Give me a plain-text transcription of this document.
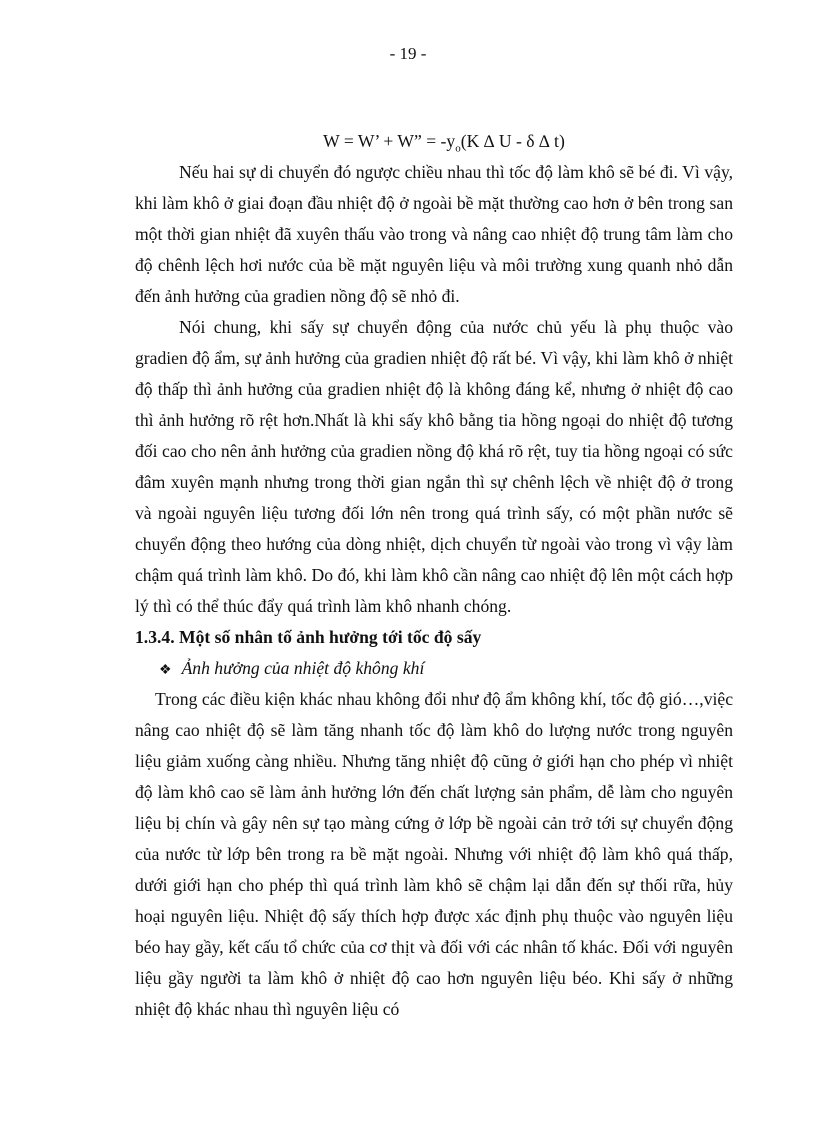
- 19 -

W = W’ + W” = $-y_o(K$ ∆ U - δ ∆ t)

Nếu hai sự di chuyển đó ngược chiều nhau thì tốc độ làm khô sẽ bé đi. Vì vậy, khi làm khô ở giai đoạn đầu nhiệt độ ở ngoài bề mặt thường cao hơn ở bên trong san một thời gian nhiệt đã xuyên thấu vào trong và nâng cao nhiệt độ trung tâm làm cho độ chênh lệch hơi nước của bề mặt nguyên liệu và môi trường xung quanh nhỏ dẫn đến ảnh hưởng của gradien nồng độ sẽ nhỏ đi.

Nói chung, khi sấy sự chuyển động của nước chủ yếu là phụ thuộc vào gradien độ ẩm, sự ảnh hưởng của gradien nhiệt độ rất bé. Vì vậy, khi làm khô ở nhiệt độ thấp thì ảnh hưởng của gradien nhiệt độ là không đáng kể, nhưng ở nhiệt độ cao thì ảnh hưởng rõ rệt hơn.Nhất là khi sấy khô bằng tia hồng ngoại do nhiệt độ tương đối cao cho nên ảnh hưởng của gradien nồng độ khá rõ rệt, tuy tia hồng ngoại có sức đâm xuyên mạnh nhưng trong thời gian ngắn thì sự chênh lệch về nhiệt độ ở trong và ngoài nguyên liệu tương đối lớn nên trong quá trình sấy, có một phần nước sẽ chuyển động theo hướng của dòng nhiệt, dịch chuyển từ ngoài vào trong vì vậy làm chậm quá trình làm khô. Do đó, khi làm khô cần nâng cao nhiệt độ lên một cách hợp lý thì có thể thúc đẩy quá trình làm khô nhanh chóng.

1.3.4. Một số nhân tố ảnh hưởng tới tốc độ sấy

❖ Ảnh hưởng của nhiệt độ không khí

Trong các điều kiện khác nhau không đổi như độ ẩm không khí, tốc độ gió…,việc nâng cao nhiệt độ sẽ làm tăng nhanh tốc độ làm khô do lượng nước trong nguyên liệu giảm xuống càng nhiều. Nhưng tăng nhiệt độ cũng ở giới hạn cho phép vì nhiệt độ làm khô cao sẽ làm ảnh hưởng lớn đến chất lượng sản phẩm, dễ làm cho nguyên liệu bị chín và gây nên sự tạo màng cứng ở lớp bề ngoài cản trở tới sự chuyển động của nước từ lớp bên trong ra bề mặt ngoài. Nhưng với nhiệt độ làm khô quá thấp, dưới giới hạn cho phép thì quá trình làm khô sẽ chậm lại dẫn đến sự thối rữa, hủy hoại nguyên liệu. Nhiệt độ sấy thích hợp được xác định phụ thuộc vào nguyên liệu béo hay gầy, kết cấu tổ chức của cơ thịt và đối với các nhân tố khác. Đối với nguyên liệu gầy người ta làm khô ở nhiệt độ cao hơn nguyên liệu béo. Khi sấy ở những nhiệt độ khác nhau thì nguyên liệu có
